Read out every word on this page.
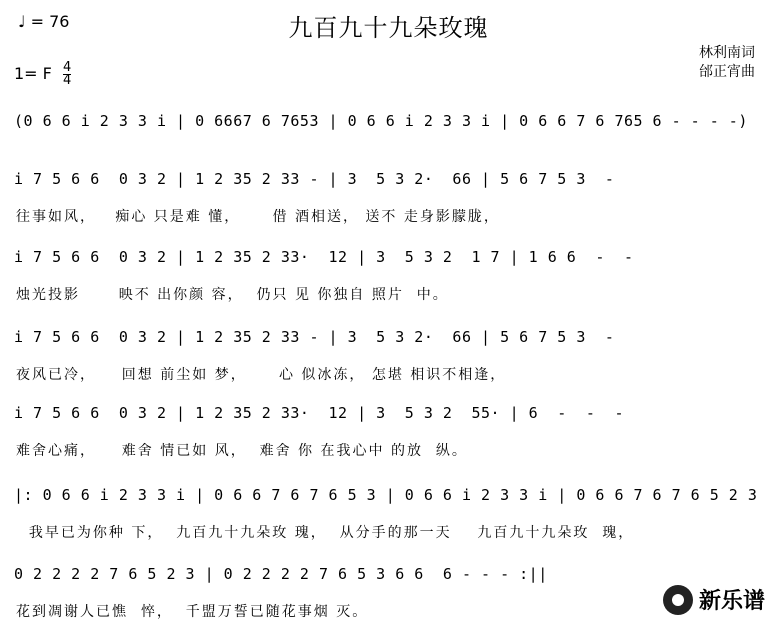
♩ = 76	九百九十九朵玫瑰
1= F $\frac{4}{4}$
林利南词
邰正宵曲
(0 6 6 i 2 3 3 i | 0 6667 6 7653 | 0 6 6 i 2 3 3 i | 0 6 6 7 6 765 6 - - - -)
i 7 5 6 6  0 3 2 | 1 2 35 2 33 - | 3  5 3 2·  66 | 5 6 7 5 3  -
往事如风，   痴心 只是难 懂，     借 酒相送， 送不 走身影朦胧，
i 7 5 6 6  0 3 2 | 1 2 35 2 33·  12 | 3  5 3 2  1 7 | 1 6 6  -  -
烛光投影      映不 出你颜 容，  仍只 见 你独自 照片  中。
i 7 5 6 6  0 3 2 | 1 2 35 2 33 - | 3  5 3 2·  66 | 5 6 7 5 3  -
夜风已冷，    回想 前尘如 梦，     心 似冰冻， 怎堪 相识不相逢，
i 7 5 6 6  0 3 2 | 1 2 35 2 33·  12 | 3  5 3 2  55· | 6  -  -  -
难舍心痛，    难舍 情已如 风，  难舍 你 在我心中 的放  纵。
|: 0 6 6 i 2 3 3 i | 0 6 6 7 6 7 6 5 3 | 0 6 6 i 2 3 3 i | 0 6 6 7 6 7 6 5 2 3
我早已为你种 下，  九百九十九朵玫 瑰，  从分手的那一天    九百九十九朵玫  瑰，
0 2 2 2 2 7 6 5 2 3 | 0 2 2 2 2 7 6 5 3 6 6  6 - - - :||
花到凋谢人已憔  悴，  千盟万誓已随花事烟 灭。	新乐谱
